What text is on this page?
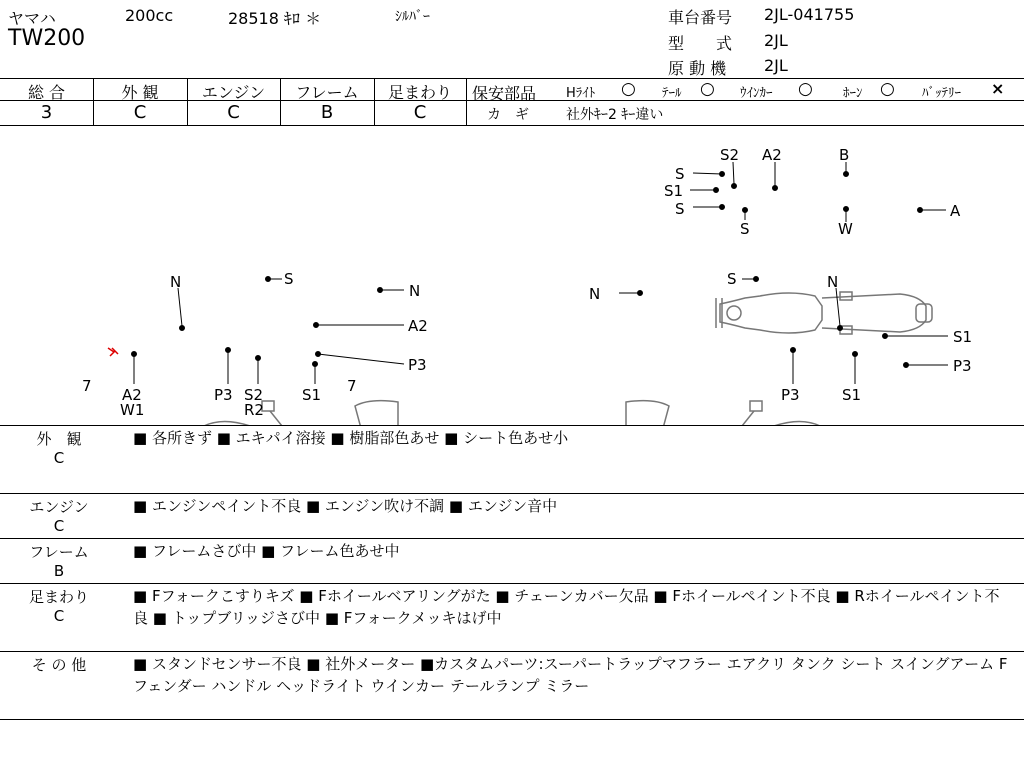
ヤマハ	200cc	28518 ｷﾛ ＊	ｼﾙﾊﾞｰ
TW200
車台番号 2JL-041755
型　　式 2JL
原 動 機 2JL
総 合
3
外 観
C
エンジン
C
フレーム
B
足まわり
C
保安部品 Hﾗｲﾄ ○ ﾃｰﾙ ○ ｳｲﾝｶｰ ○ ﾎｰﾝ ○ ﾊﾞｯﾃﾘｰ ×
カ　ギ	社外ｷｰ2 ｷｰ違い
S
S1
S
S2 A2
S
B
W
A
N	S
N
A2
P3
7 A2
W1
P3 S2
R2
S1 7
S
N
N
S1
P3
P3	S1
外　観
C
■ 各所きず ■ エキパイ溶接 ■ 樹脂部色あせ ■ シート色あせ小
エンジン
C
■ エンジンペイント不良 ■ エンジン吹け不調 ■ エンジン音中
フレーム
B
■ フレームさび中 ■ フレーム色あせ中
足まわり
C
■ Fフォークこすりキズ ■ Fホイールベアリングがた ■ チェーンカバー欠品 ■ Fホイールペイント不良 ■ Rホイールペイント不良 ■ トップブリッジさび中 ■ Fフォークメッキはげ中
そ の 他	■ スタンドセンサー不良 ■ 社外メーター ■カスタムパーツ:スーパートラップマフラー エアクリ タンク シート スイングアーム Fフェンダー ハンドル ヘッドライト ウインカー テールランプ ミラー
